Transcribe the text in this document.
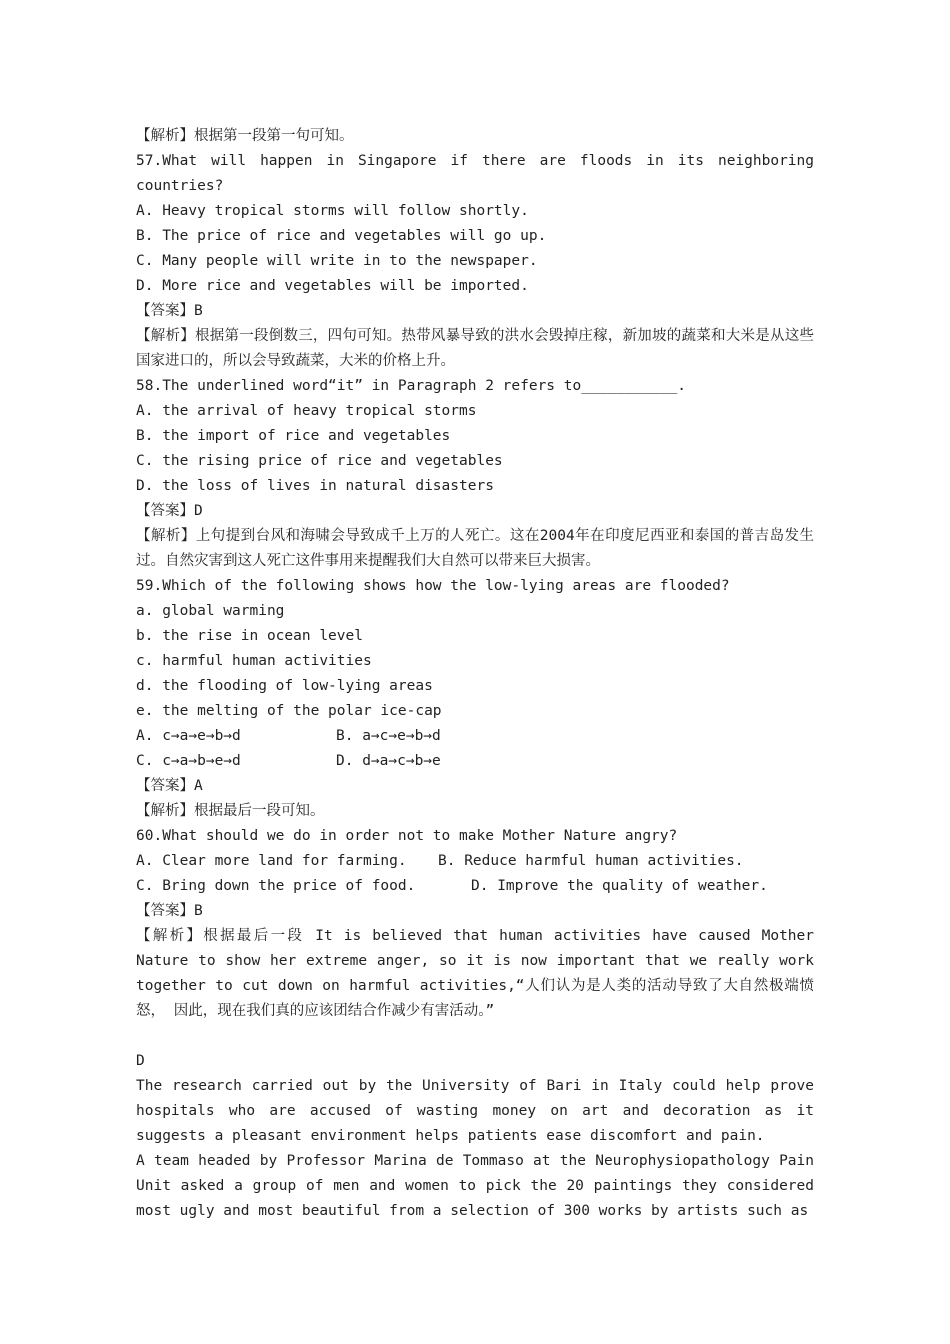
【解析】根据第一段第一句可知。

57.What will happen in Singapore if there are floods in its neighboring countries?

A. Heavy tropical storms will follow shortly.

B. The price of rice and vegetables will go up.

C. Many people will write in to the newspaper.

D. More rice and vegetables will be imported.

【答案】B

【解析】根据第一段倒数三，四句可知。热带风暴导致的洪水会毁掉庄稼，新加坡的蔬菜和大米是从这些国家进口的，所以会导致蔬菜，大米的价格上升。

58.The underlined word“it” in Paragraph 2 refers to___________.

A. the arrival of heavy tropical storms

B. the import of rice and vegetables

C. the rising price of rice and vegetables

D. the loss of lives in natural disasters

【答案】D

【解析】上句提到台风和海啸会导致成千上万的人死亡。这在2004年在印度尼西亚和泰国的普吉岛发生过。自然灾害到这人死亡这件事用来提醒我们大自然可以带来巨大损害。

59.Which of the following shows how the low-lying areas are flooded?

a. global warming

b. the rise in ocean level

c. harmful human activities

d. the flooding of low-lying areas

e. the melting of the polar ice-cap

A. c→a→e→b→d	B. a→c→e→b→d
C. c→a→b→e→d	D. d→a→c→b→e

【答案】A

【解析】根据最后一段可知。

60.What should we do in order not to make Mother Nature angry?

A. Clear more land for farming.	B. Reduce harmful human activities.
C. Bring down the price of food.	D. Improve the quality of weather.

【答案】B

【解析】根据最后一段 It is believed that human activities have caused Mother Nature to show her extreme anger, so it is now important that we really work together to cut down on harmful activities,“人们认为是人类的活动导致了大自然极端愤怒， 因此，现在我们真的应该团结合作减少有害活动。”

D

The research carried out by the University of Bari in Italy could help prove hospitals who are accused of wasting money on art and decoration as it suggests a pleasant environment helps patients ease discomfort and pain.

A team headed by Professor Marina de Tommaso at the Neurophysiopathology Pain Unit asked a group of men and women to pick the 20 paintings they considered most ugly and most beautiful from a selection of 300 works by artists such as
